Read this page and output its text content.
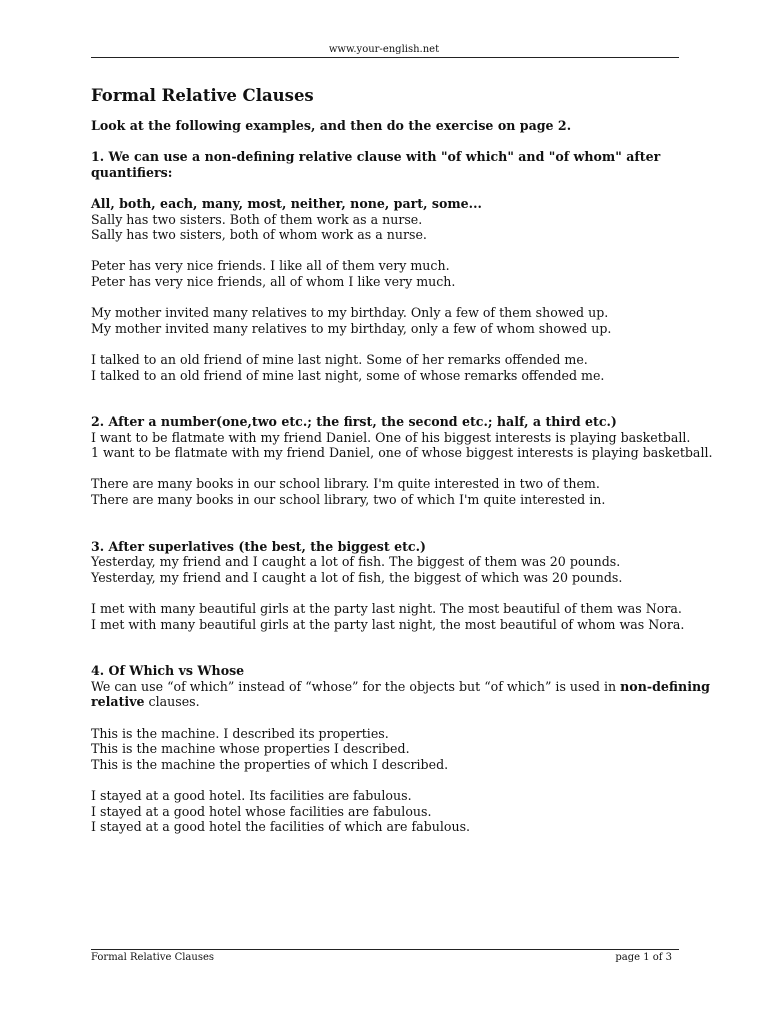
www.your-english.net
Formal Relative Clauses
Look at the following examples, and then do the exercise on page 2.
1. We can use a non-defining relative clause with "of which" and "of whom" after
quantifiers:
All, both, each, many, most, neither, none, part, some...
Sally has two sisters. Both of them work as a nurse.
Sally has two sisters, both of whom work as a nurse.
Peter has very nice friends. I like all of them very much.
Peter has very nice friends, all of whom I like very much.
My mother invited many relatives to my birthday. Only a few of them showed up.
My mother invited many relatives to my birthday, only a few of whom showed up.
I talked to an old friend of mine last night. Some of her remarks offended me.
I talked to an old friend of mine last night, some of whose remarks offended me.
2. After a number(one,two etc.; the first, the second etc.; half, a third etc.)
I want to be flatmate with my friend Daniel. One of his biggest interests is playing basketball.
1 want to be flatmate with my friend Daniel, one of whose biggest interests is playing basketball.
There are many books in our school library. I'm quite interested in two of them.
There are many books in our school library, two of which I'm quite interested in.
3. After superlatives (the best, the biggest etc.)
Yesterday, my friend and I caught a lot of fish. The biggest of them was 20 pounds.
Yesterday, my friend and I caught a lot of fish, the biggest of which was 20 pounds.
I met with many beautiful girls at the party last night. The most beautiful of them was Nora.
I met with many beautiful girls at the party last night, the most beautiful of whom was Nora.
4. Of Which vs Whose
We can use “of which” instead of “whose” for the objects but “of which” is used in non-defining
relative clauses.
This is the machine. I described its properties.
This is the machine whose properties I described.
This is the machine the properties of which I described.
I stayed at a good hotel. Its facilities are fabulous.
I stayed at a good hotel whose facilities are fabulous.
I stayed at a good hotel the facilities of which are fabulous.
Formal Relative Clauses	page 1 of 3
